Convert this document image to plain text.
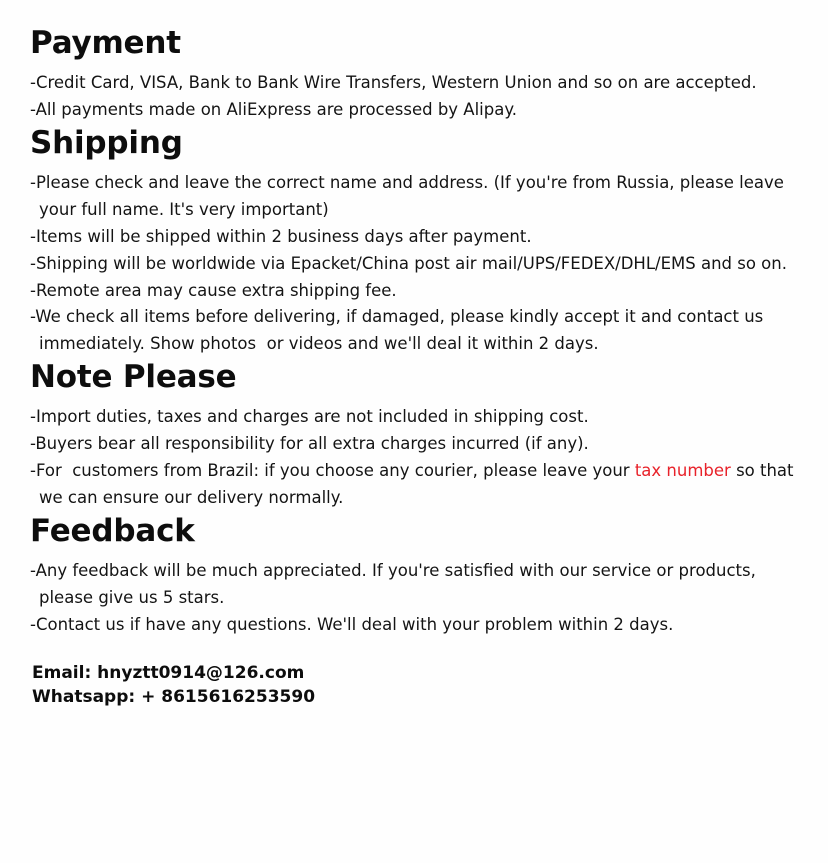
Payment
-Credit Card, VISA, Bank to Bank Wire Transfers, Western Union and so on are accepted.
-All payments made on AliExpress are processed by Alipay.
Shipping
-Please check and leave the correct name and address. (If you're from Russia, please leave your full name. It's very important)
-Items will be shipped within 2 business days after payment.
-Shipping will be worldwide via Epacket/China post air mail/UPS/FEDEX/DHL/EMS and so on.
-Remote area may cause extra shipping fee.
-We check all items before delivering, if damaged, please kindly accept it and contact us immediately. Show photos  or videos and we'll deal it within 2 days.
Note Please
-Import duties, taxes and charges are not included in shipping cost.
-Buyers bear all responsibility for all extra charges incurred (if any).
-For  customers from Brazil: if you choose any courier, please leave your tax number so that we can ensure our delivery normally.
Feedback
-Any feedback will be much appreciated. If you're satisfied with our service or products, please give us 5 stars.
-Contact us if have any questions. We'll deal with your problem within 2 days.
Email: hnyztt0914@126.com
Whatsapp: + 8615616253590
